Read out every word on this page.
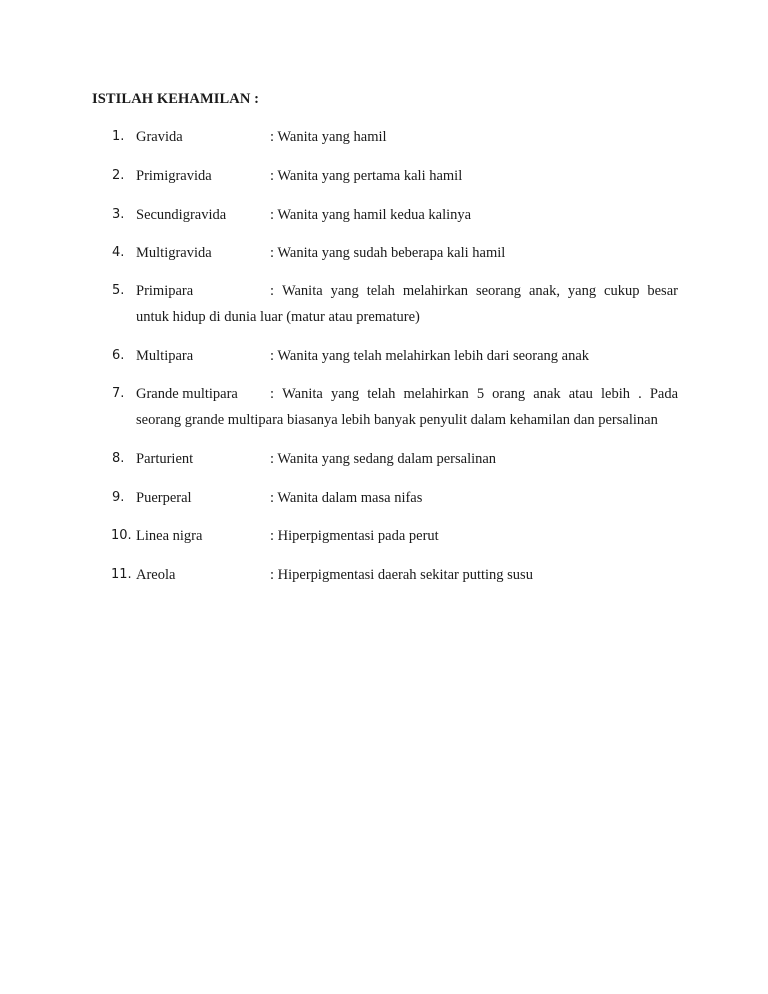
ISTILAH KEHAMILAN :
1. Gravida	: Wanita yang hamil
2. Primigravida	: Wanita yang pertama kali hamil
3. Secundigravida	: Wanita yang hamil kedua kalinya
4. Multigravida	: Wanita yang sudah beberapa kali hamil
5. Primipara	: Wanita yang telah melahirkan seorang anak, yang cukup besar
untuk hidup di dunia luar (matur atau premature)
6. Multipara	: Wanita yang telah melahirkan lebih dari seorang anak
7. Grande multipara : Wanita yang telah melahirkan 5 orang anak atau lebih . Pada
seorang grande multipara biasanya lebih banyak penyulit dalam kehamilan dan persalinan
8. Parturient	: Wanita yang sedang dalam persalinan
9. Puerperal	: Wanita dalam masa nifas
10. Linea nigra	: Hiperpigmentasi pada perut
11. Areola	: Hiperpigmentasi daerah sekitar putting susu
